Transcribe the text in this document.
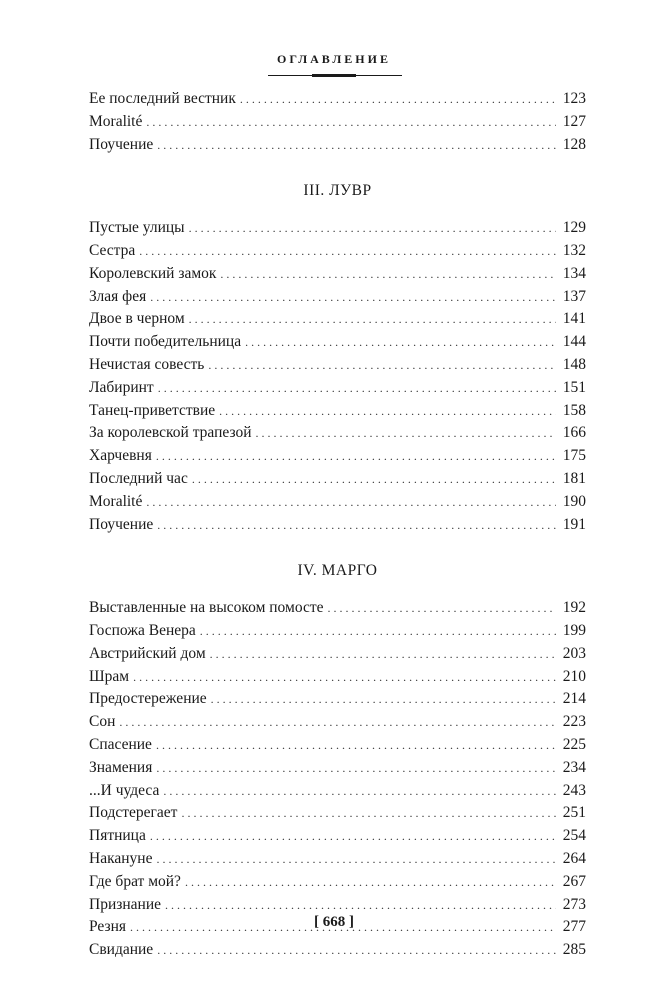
ОГЛАВЛЕНИЕ
Ее последний вестник . . .	123
Moralité . . .	127
Поучение . . .	128
III. ЛУВР
Пустые улицы . . .	129
Сестра . . .	132
Королевский замок . . .	134
Злая фея . . .	137
Двое в черном . . .	141
Почти победительница . . .	144
Нечистая совесть . . .	148
Лабиринт . . .	151
Танец-приветствие . . .	158
За королевской трапезой . . .	166
Харчевня . . .	175
Последний час . . .	181
Moralité . . .	190
Поучение . . .	191
IV. МАРГО
Выставленные на высоком помосте . . .	192
Госпожа Венера . . .	199
Австрийский дом . . .	203
Шрам . . .	210
Предостережение . . .	214
Сон . . .	223
Спасение . . .	225
Знамения . . .	234
...И чудеса . . .	243
Подстерегает . . .	251
Пятница . . .	254
Накануне . . .	264
Где брат мой? . . .	267
Признание . . .	273
Резня . . .	277
Свидание . . .	285
[ 668 ]
